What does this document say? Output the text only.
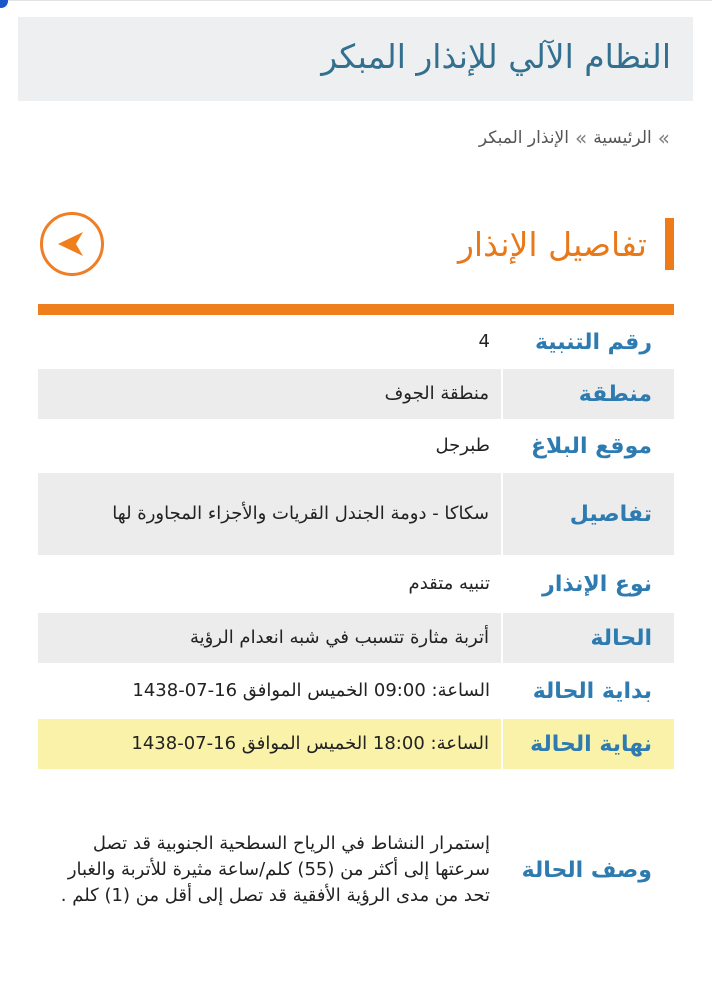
النظام الآلي للإنذار المبكر
»
الرئيسية
»
الإنذار المبكر
تفاصيل الإنذار
رقم التنبية	4
منطقة	منطقة الجوف
موقع البلاغ	طبرجل
تفاصيل	سكاكا - دومة الجندل القريات والأجزاء المجاورة لها
نوع الإنذار	تنبيه متقدم
الحالة	أتربة مثارة تتسبب في شبه انعدام الرؤية
بداية الحالة	الساعة: 09:00 الخميس الموافق 16-07-1438
نهاية الحالة	الساعة: 18:00 الخميس الموافق 16-07-1438
وصف الحالة	إستمرار النشاط في الرياح السطحية الجنوبية قد تصل سرعتها إلى أكثر من (55) كلم/ساعة مثيرة للأتربة والغبار تحد من مدى الرؤية الأفقية قد تصل إلى أقل من (1) كلم .
